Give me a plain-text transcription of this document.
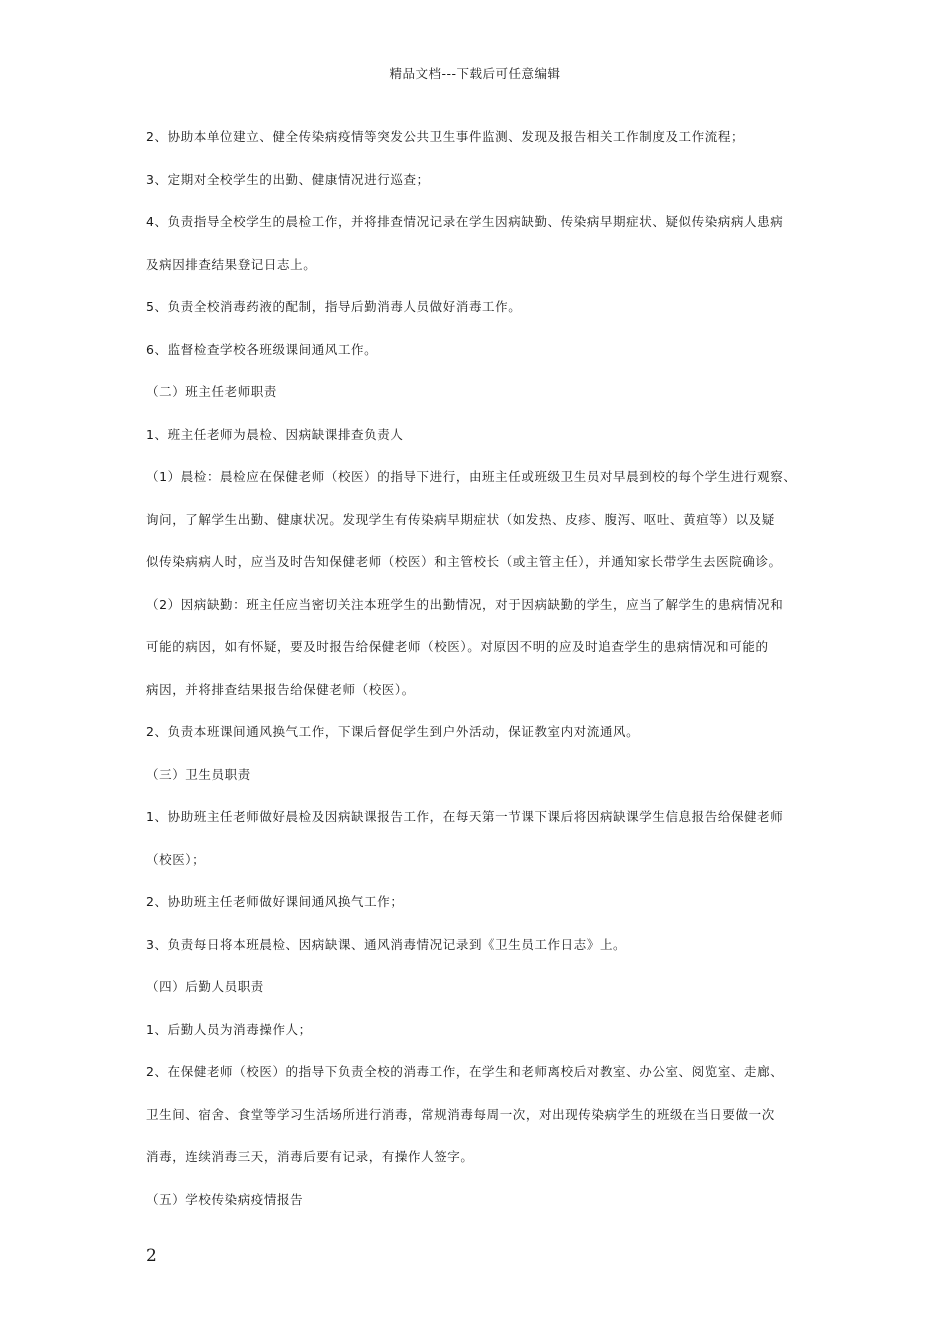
精品文档---下载后可任意编辑
2、协助本单位建立、健全传染病疫情等突发公共卫生事件监测、发现及报告相关工作制度及工作流程；
3、定期对全校学生的出勤、健康情况进行巡查；
4、负责指导全校学生的晨检工作，并将排查情况记录在学生因病缺勤、传染病早期症状、疑似传染病病人患病
及病因排查结果登记日志上。
5、负责全校消毒药液的配制，指导后勤消毒人员做好消毒工作。
6、监督检查学校各班级课间通风工作。
（二）班主任老师职责
1、班主任老师为晨检、因病缺课排查负责人
（1）晨检：晨检应在保健老师（校医）的指导下进行，由班主任或班级卫生员对早晨到校的每个学生进行观察、
询问，了解学生出勤、健康状况。发现学生有传染病早期症状（如发热、皮疹、腹泻、呕吐、黄疸等）以及疑
似传染病病人时，应当及时告知保健老师（校医）和主管校长（或主管主任），并通知家长带学生去医院确诊。
（2）因病缺勤：班主任应当密切关注本班学生的出勤情况，对于因病缺勤的学生，应当了解学生的患病情况和
可能的病因，如有怀疑，要及时报告给保健老师（校医）。对原因不明的应及时追查学生的患病情况和可能的
病因，并将排查结果报告给保健老师（校医）。
2、负责本班课间通风换气工作，下课后督促学生到户外活动，保证教室内对流通风。
（三）卫生员职责
1、协助班主任老师做好晨检及因病缺课报告工作，在每天第一节课下课后将因病缺课学生信息报告给保健老师
（校医）；
2、协助班主任老师做好课间通风换气工作；
3、负责每日将本班晨检、因病缺课、通风消毒情况记录到《卫生员工作日志》上。
（四）后勤人员职责
1、后勤人员为消毒操作人；
2、在保健老师（校医）的指导下负责全校的消毒工作，在学生和老师离校后对教室、办公室、阅览室、走廊、
卫生间、宿舍、食堂等学习生活场所进行消毒，常规消毒每周一次，对出现传染病学生的班级在当日要做一次
消毒，连续消毒三天，消毒后要有记录，有操作人签字。
（五）学校传染病疫情报告
2
